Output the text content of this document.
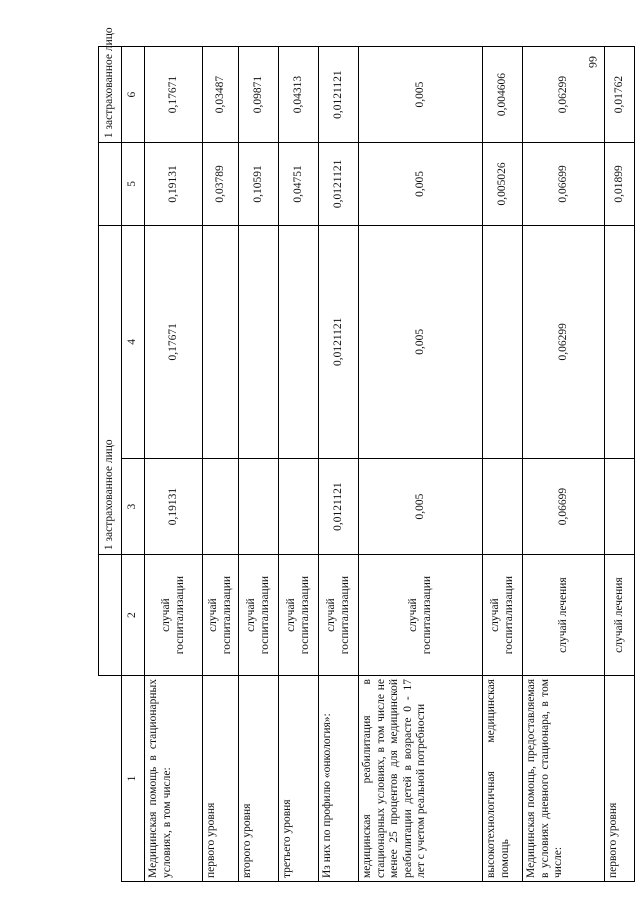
66
		1 застрахованное лицо			1 застрахованное лицо
1	2	3	4	5	6
Медицинская помощь в стационарных условиях, в том числе:	случай госпитализации	0,19131	0,17671	0,19131	0,17671
первого уровня	случай госпитализации			0,03789	0,03487
второго уровня	случай госпитализации			0,10591	0,09871
третьего уровня	случай госпитализации			0,04751	0,04313
Из них по профилю «онкология»:	случай госпитализации	0,0121121	0,0121121	0,0121121	0,0121121
медицинская реабилитация в стационарных условиях, в том числе не менее 25 процентов для медицинской реабилитации детей в возрасте 0 - 17 лет с учетом реальной потребности	случай госпитализации	0,005	0,005	0,005	0,005
высокотехнологичная медицинская помощь	случай госпитализации			0,005026	0,004606
Медицинская помощь, предоставляемая в условиях дневного стационара, в том числе:	случай лечения	0,06699	0,06299	0,06699	0,06299
первого уровня	случай лечения			0,01899	0,01762
